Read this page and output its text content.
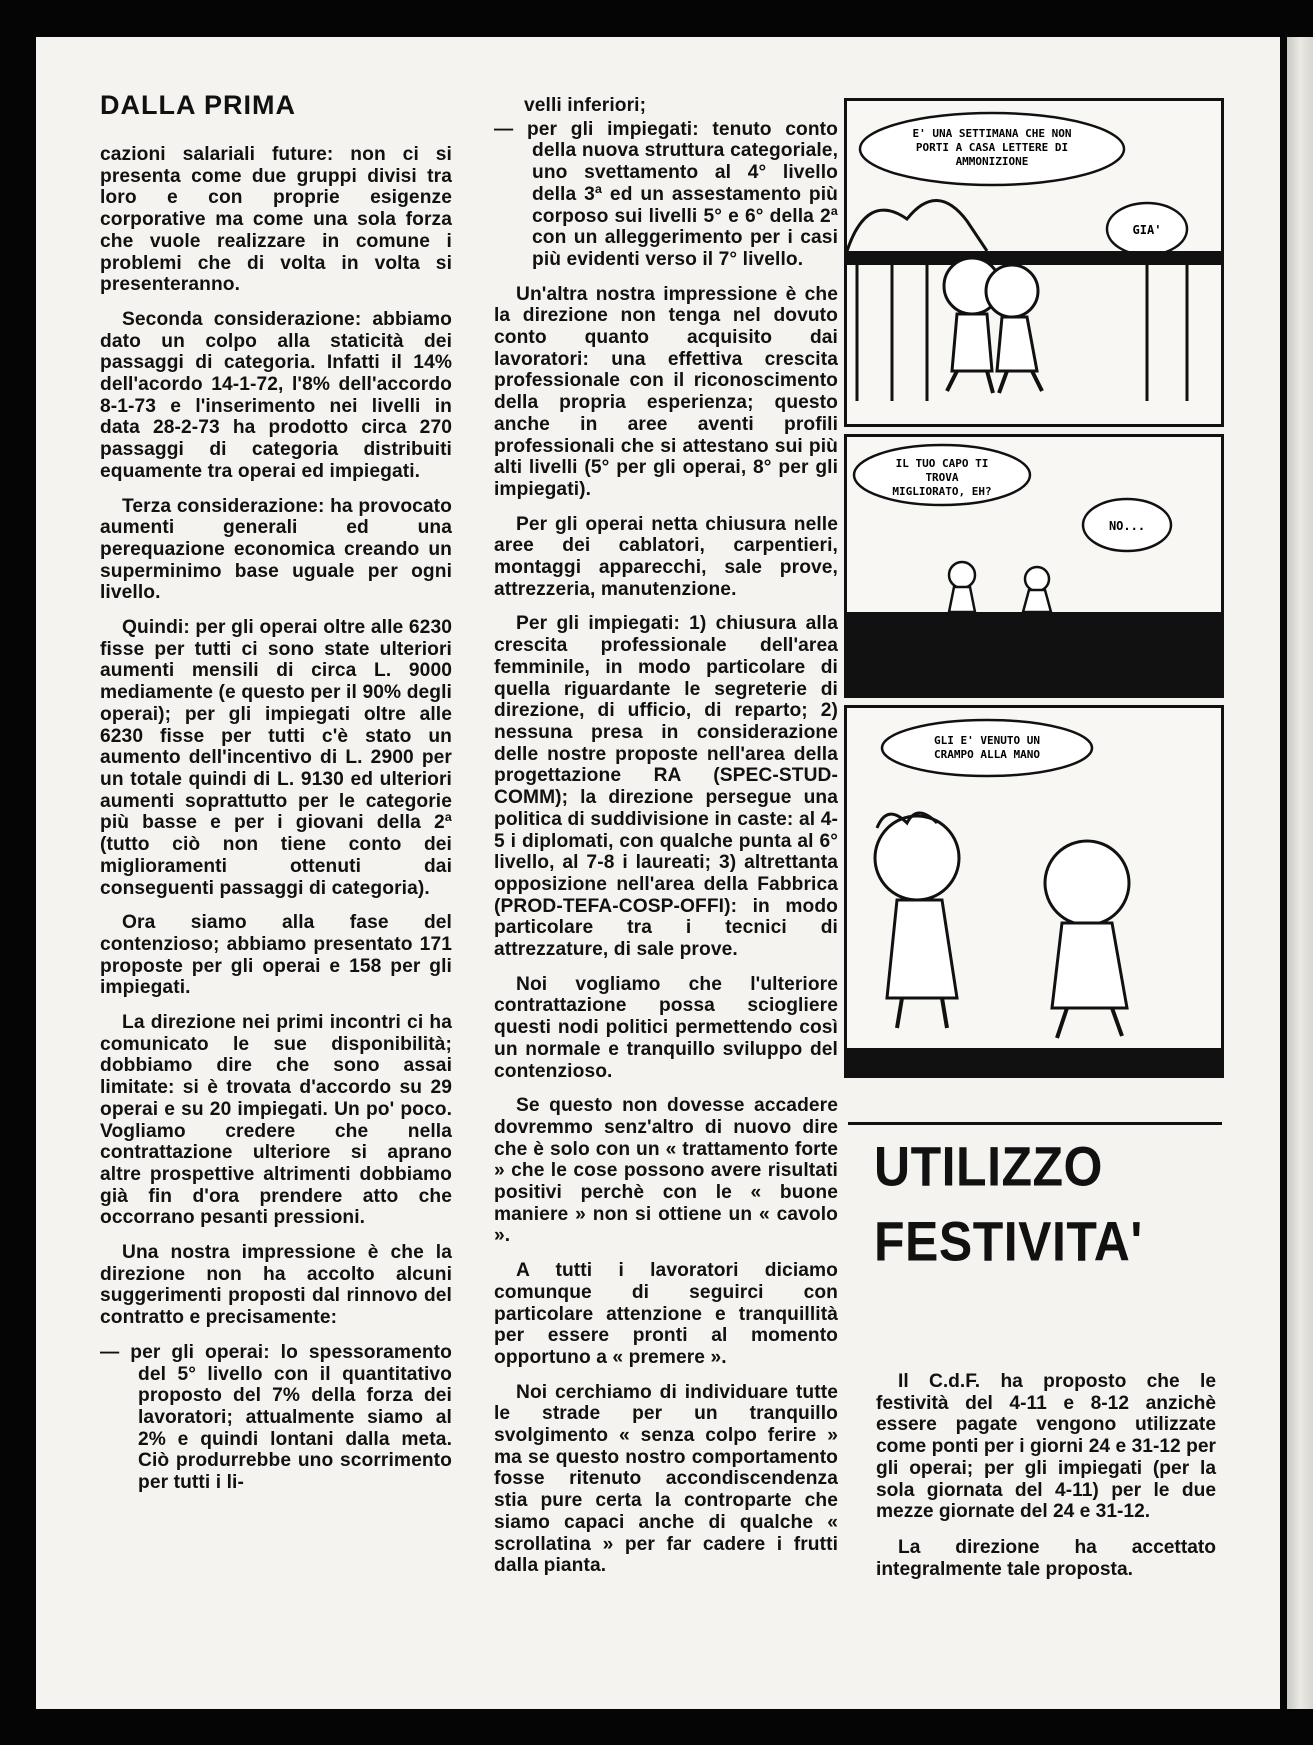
DALLA PRIMA

cazioni salariali future: non ci si presenta come due gruppi divisi tra loro e con proprie esigenze corporative ma come una sola forza che vuole realizzare in comune i problemi che di volta in volta si presenteranno.

Seconda considerazione: abbiamo dato un colpo alla staticità dei passaggi di categoria. Infatti il 14% dell'acordo 14-1-72, l'8% dell'accordo 8-1-73 e l'inserimento nei livelli in data 28-2-73 ha prodotto circa 270 passaggi di categoria distribuiti equamente tra operai ed impiegati.

Terza considerazione: ha provocato aumenti generali ed una perequazione economica creando un superminimo base uguale per ogni livello.

Quindi: per gli operai oltre alle 6230 fisse per tutti ci sono state ulteriori aumenti mensili di circa L. 9000 mediamente (e questo per il 90% degli operai); per gli impiegati oltre alle 6230 fisse per tutti c'è stato un aumento dell'incentivo di L. 2900 per un totale quindi di L. 9130 ed ulteriori aumenti soprattutto per le categorie più basse e per i giovani della 2ª (tutto ciò non tiene conto dei miglioramenti ottenuti dai conseguenti passaggi di categoria).

Ora siamo alla fase del contenzioso; abbiamo presentato 171 proposte per gli operai e 158 per gli impiegati.

La direzione nei primi incontri ci ha comunicato le sue disponibilità; dobbiamo dire che sono assai limitate: si è trovata d'accordo su 29 operai e su 20 impiegati. Un po' poco. Vogliamo credere che nella contrattazione ulteriore si aprano altre prospettive altrimenti dobbiamo già fin d'ora prendere atto che occorrano pesanti pressioni.

Una nostra impressione è che la direzione non ha accolto alcuni suggerimenti proposti dal rinnovo del contratto e precisamente:

— per gli operai: lo spessoramento del 5° livello con il quantitativo proposto del 7% della forza dei lavoratori; attualmente siamo al 2% e quindi lontani dalla meta. Ciò produrrebbe uno scorrimento per tutti i li-

velli inferiori;

— per gli impiegati: tenuto conto della nuova struttura categoriale, uno svettamento al 4° livello della 3ª ed un assestamento più corposo sui livelli 5° e 6° della 2ª con un alleggerimento per i casi più evidenti verso il 7° livello.

Un'altra nostra impressione è che la direzione non tenga nel dovuto conto quanto acquisito dai lavoratori: una effettiva crescita professionale con il riconoscimento della propria esperienza; questo anche in aree aventi profili professionali che si attestano sui più alti livelli (5° per gli operai, 8° per gli impiegati).

Per gli operai netta chiusura nelle aree dei cablatori, carpentieri, montaggi apparecchi, sale prove, attrezzeria, manutenzione.

Per gli impiegati: 1) chiusura alla crescita professionale dell'area femminile, in modo particolare di quella riguardante le segreterie di direzione, di ufficio, di reparto; 2) nessuna presa in considerazione delle nostre proposte nell'area della progettazione RA (SPEC-STUD-COMM); la direzione persegue una politica di suddivisione in caste: al 4-5 i diplomati, con qualche punta al 6° livello, al 7-8 i laureati; 3) altrettanta opposizione nell'area della Fabbrica (PROD-TEFA-COSP-OFFI): in modo particolare tra i tecnici di attrezzature, di sale prove.

Noi vogliamo che l'ulteriore contrattazione possa sciogliere questi nodi politici permettendo così un normale e tranquillo sviluppo del contenzioso.

Se questo non dovesse accadere dovremmo senz'altro di nuovo dire che è solo con un « trattamento forte » che le cose possono avere risultati positivi perchè con le « buone maniere » non si ottiene un « cavolo ».

A tutti i lavoratori diciamo comunque di seguirci con particolare attenzione e tranquillità per essere pronti al momento opportuno a « premere ».

Noi cerchiamo di individuare tutte le strade per un tranquillo svolgimento « senza colpo ferire » ma se questo nostro comportamento fosse ritenuto accondiscendenza stia pure certa la controparte che siamo capaci anche di qualche « scrollatina » per far cadere i frutti dalla pianta.

E' UNA SETTIMANA CHE NON PORTI A CASA LETTERE DI AMMONIZIONE
GIA'
IL TUO CAPO TI TROVA MIGLIORATO, EH?
NO...
GLI E' VENUTO UN CRAMPO ALLA MANO
UTILIZZO
FESTIVITA'

Il C.d.F. ha proposto che le festività del 4-11 e 8-12 anzichè essere pagate vengono utilizzate come ponti per i giorni 24 e 31-12 per gli operai; per gli impiegati (per la sola giornata del 4-11) per le due mezze giornate del 24 e 31-12.

La direzione ha accettato integralmente tale proposta.
